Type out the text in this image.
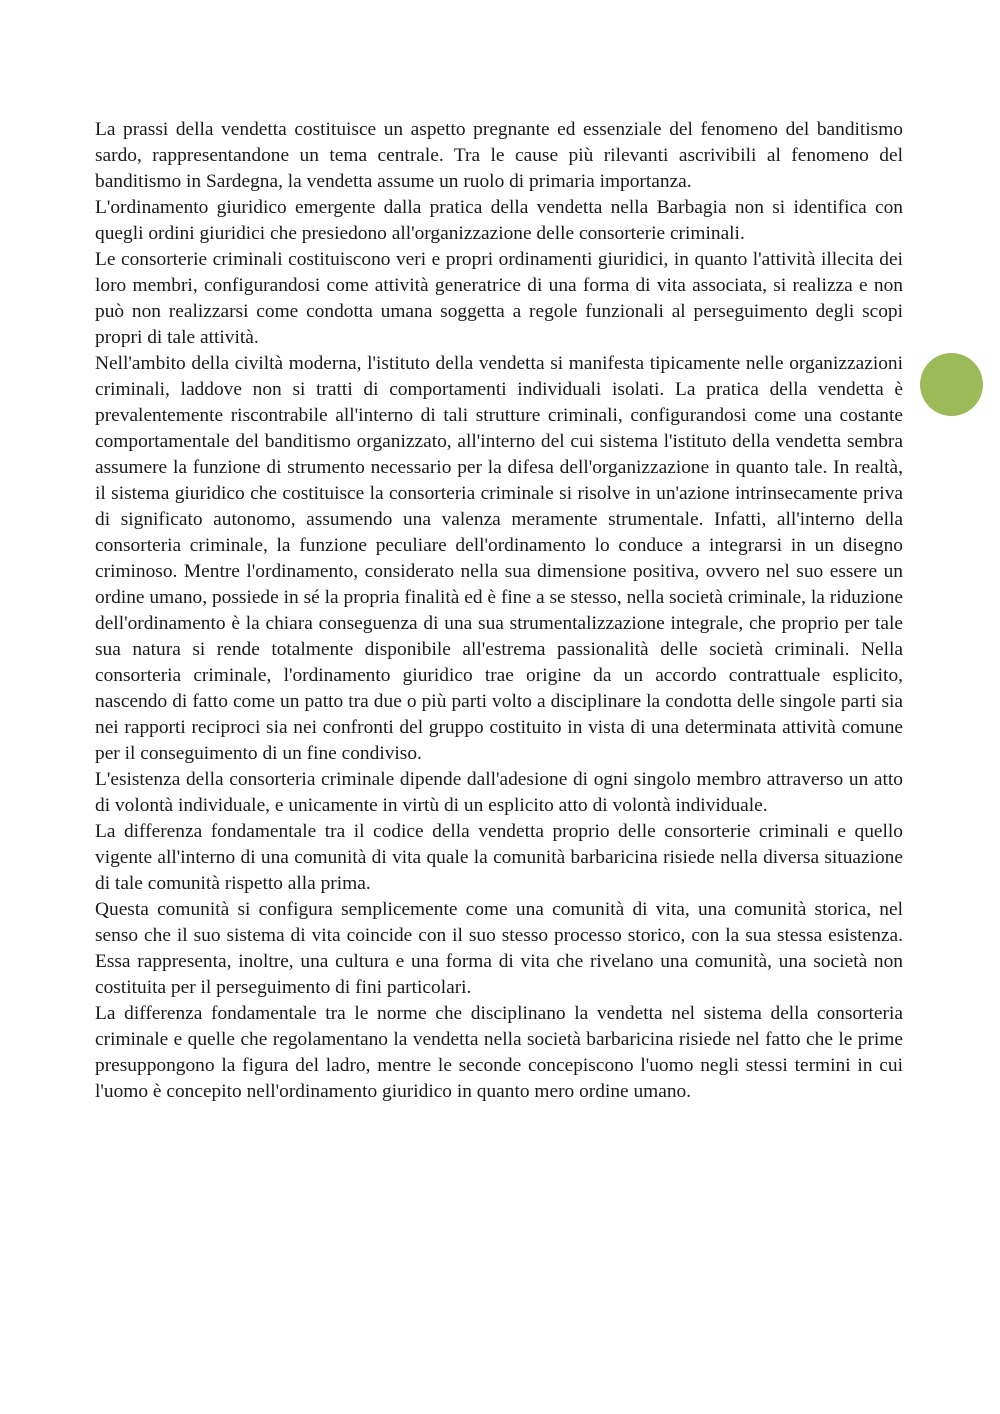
La prassi della vendetta costituisce un aspetto pregnante ed essenziale del fenomeno del banditismo sardo, rappresentandone un tema centrale. Tra le cause più rilevanti ascrivibili al fenomeno del banditismo in Sardegna, la vendetta assume un ruolo di primaria importanza.

L'ordinamento giuridico emergente dalla pratica della vendetta nella Barbagia non si identifica con quegli ordini giuridici che presiedono all'organizzazione delle consorterie criminali.

Le consorterie criminali costituiscono veri e propri ordinamenti giuridici, in quanto l'attività illecita dei loro membri, configurandosi come attività generatrice di una forma di vita associata, si realizza e non può non realizzarsi come condotta umana soggetta a regole funzionali al perseguimento degli scopi propri di tale attività.

Nell'ambito della civiltà moderna, l'istituto della vendetta si manifesta tipicamente nelle organizzazioni criminali, laddove non si tratti di comportamenti individuali isolati. La pratica della vendetta è prevalentemente riscontrabile all'interno di tali strutture criminali, configurandosi come una costante comportamentale del banditismo organizzato, all'interno del cui sistema l'istituto della vendetta sembra assumere la funzione di strumento necessario per la difesa dell'organizzazione in quanto tale. In realtà, il sistema giuridico che costituisce la consorteria criminale si risolve in un'azione intrinsecamente priva di significato autonomo, assumendo una valenza meramente strumentale. Infatti, all'interno della consorteria criminale, la funzione peculiare dell'ordinamento lo conduce a integrarsi in un disegno criminoso. Mentre l'ordinamento, considerato nella sua dimensione positiva, ovvero nel suo essere un ordine umano, possiede in sé la propria finalità ed è fine a se stesso, nella società criminale, la riduzione dell'ordinamento è la chiara conseguenza di una sua strumentalizzazione integrale, che proprio per tale sua natura si rende totalmente disponibile all'estrema passionalità delle società criminali. Nella consorteria criminale, l'ordinamento giuridico trae origine da un accordo contrattuale esplicito, nascendo di fatto come un patto tra due o più parti volto a disciplinare la condotta delle singole parti sia nei rapporti reciproci sia nei confronti del gruppo costituito in vista di una determinata attività comune per il conseguimento di un fine condiviso.

L'esistenza della consorteria criminale dipende dall'adesione di ogni singolo membro attraverso un atto di volontà individuale, e unicamente in virtù di un esplicito atto di volontà individuale.

La differenza fondamentale tra il codice della vendetta proprio delle consorterie criminali e quello vigente all'interno di una comunità di vita quale la comunità barbaricina risiede nella diversa situazione di tale comunità rispetto alla prima.

Questa comunità si configura semplicemente come una comunità di vita, una comunità storica, nel senso che il suo sistema di vita coincide con il suo stesso processo storico, con la sua stessa esistenza. Essa rappresenta, inoltre, una cultura e una forma di vita che rivelano una comunità, una società non costituita per il perseguimento di fini particolari.

La differenza fondamentale tra le norme che disciplinano la vendetta nel sistema della consorteria criminale e quelle che regolamentano la vendetta nella società barbaricina risiede nel fatto che le prime presuppongono la figura del ladro, mentre le seconde concepiscono l'uomo negli stessi termini in cui l'uomo è concepito nell'ordinamento giuridico in quanto mero ordine umano.
